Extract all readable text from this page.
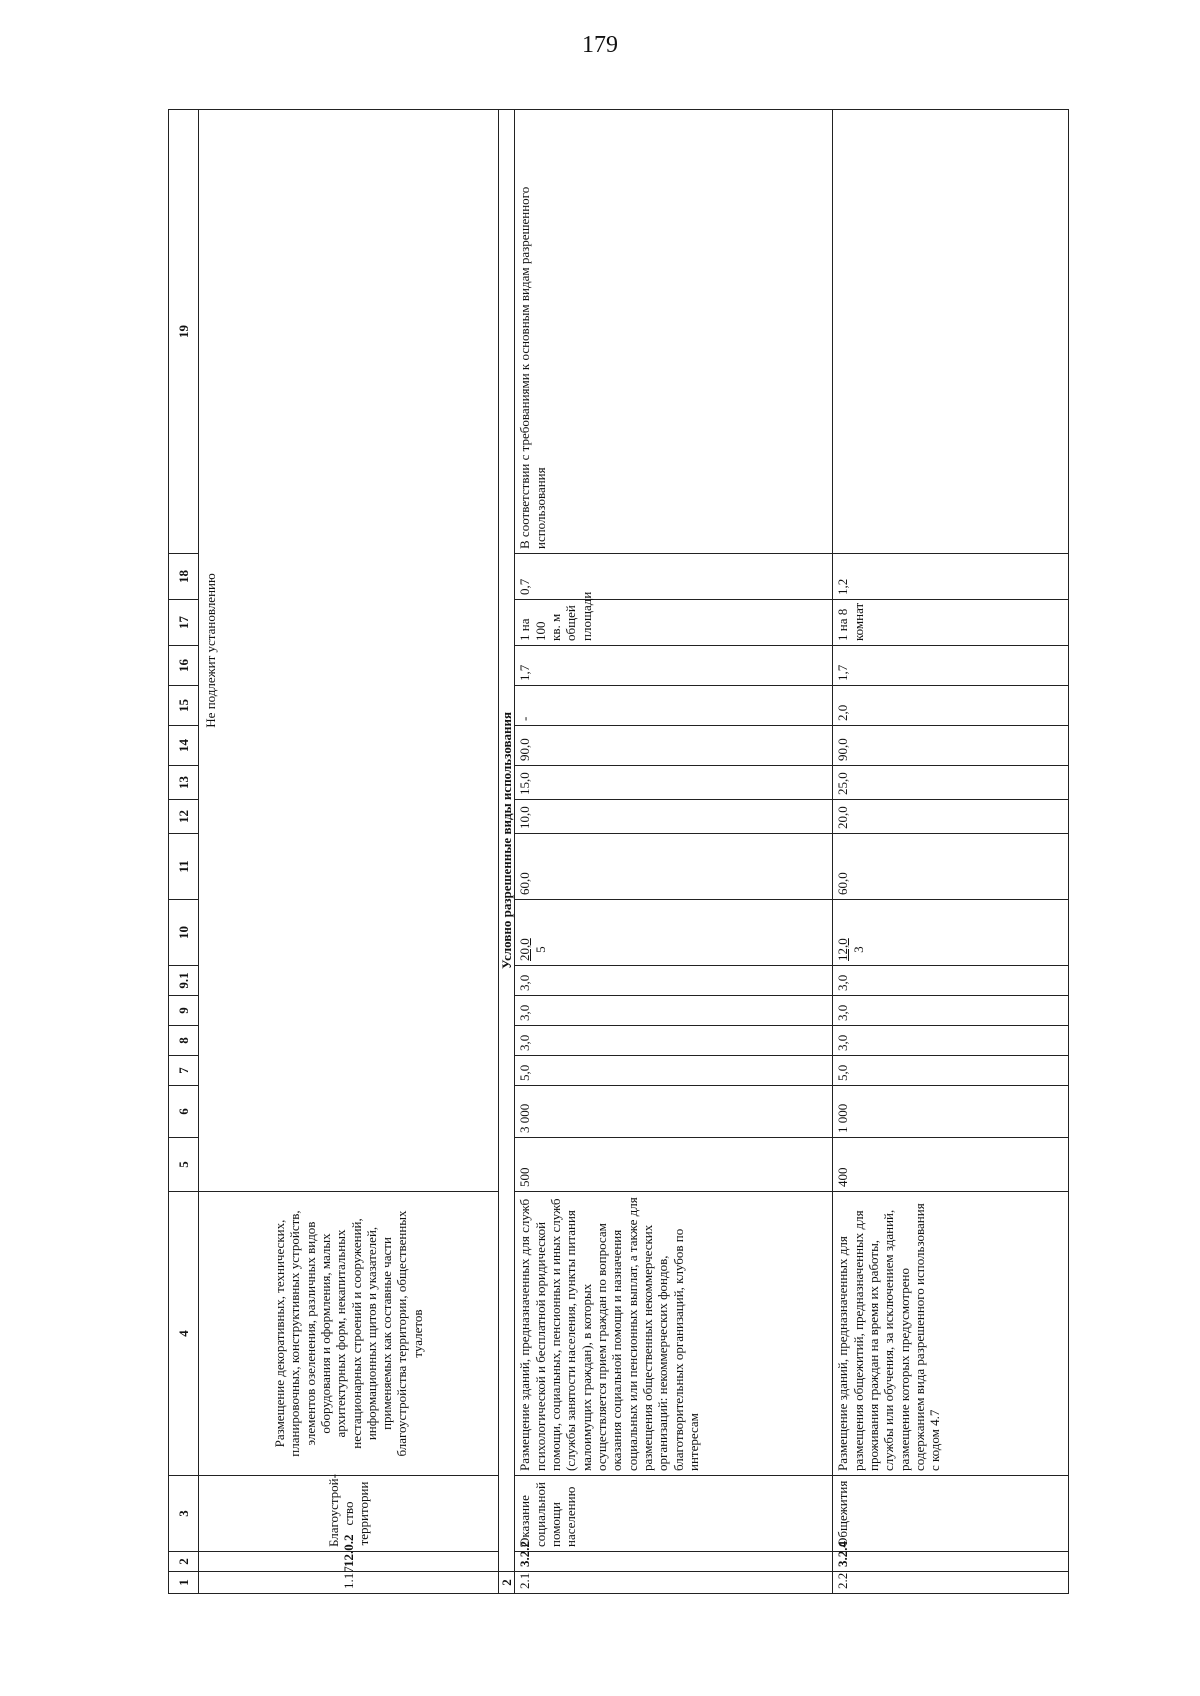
179
1	2	3	4	5	6	7	8	9	9.1	10	11	12	13	14	15	16	17	18	19
1.17	12.0.2	Благоустрой-ство территории	Размещение декоративных, технических, планировочных, конструктивных устройств, элементов озеленения, различных видов оборудования и оформления, малых архитектурных форм, некапитальных нестационарных строений и сооружений, информационных щитов и указателей, применяемых как составные части благоустройства территории, общественных туалетов	Не подлежит установлению															
2	Условно разрешенные виды использования																		
2.1	3.2.2	Оказание социальной помощи населению	Размещение зданий, предназначенных для служб психологической и бесплатной юридической помощи, социальных, пенсионных и иных служб (службы занятости населения, пункты питания малоимущих граждан), в которых осуществляется прием граждан по вопросам оказания социальной помощи и назначения социальных или пенсионных выплат, а также для размещения общественных некоммерческих организаций: некоммерческих фондов, благотворительных организаций, клубов по интересам	500	3 000	5,0	3,0	3,0	3,0	20,0 5	60,0	10,0	15,0	90,0	-	1,7	1 на 100 кв. м общей площади	0,7	В соответствии с требованиями к основным видам разрешенного использования
2.2	3.2.4	Общежития	Размещение зданий, предназначенных для размещения общежитий, предназначенных для проживания граждан на время их работы, службы или обучения, за исключением зданий, размещение которых предусмотрено содержанием вида разрешенного использования с кодом 4.7	400	1 000	5,0	3,0	3,0	3,0	12,0 3	60,0	20,0	25,0	90,0	2,0	1,7	1 на 8 комнат	1,2	
